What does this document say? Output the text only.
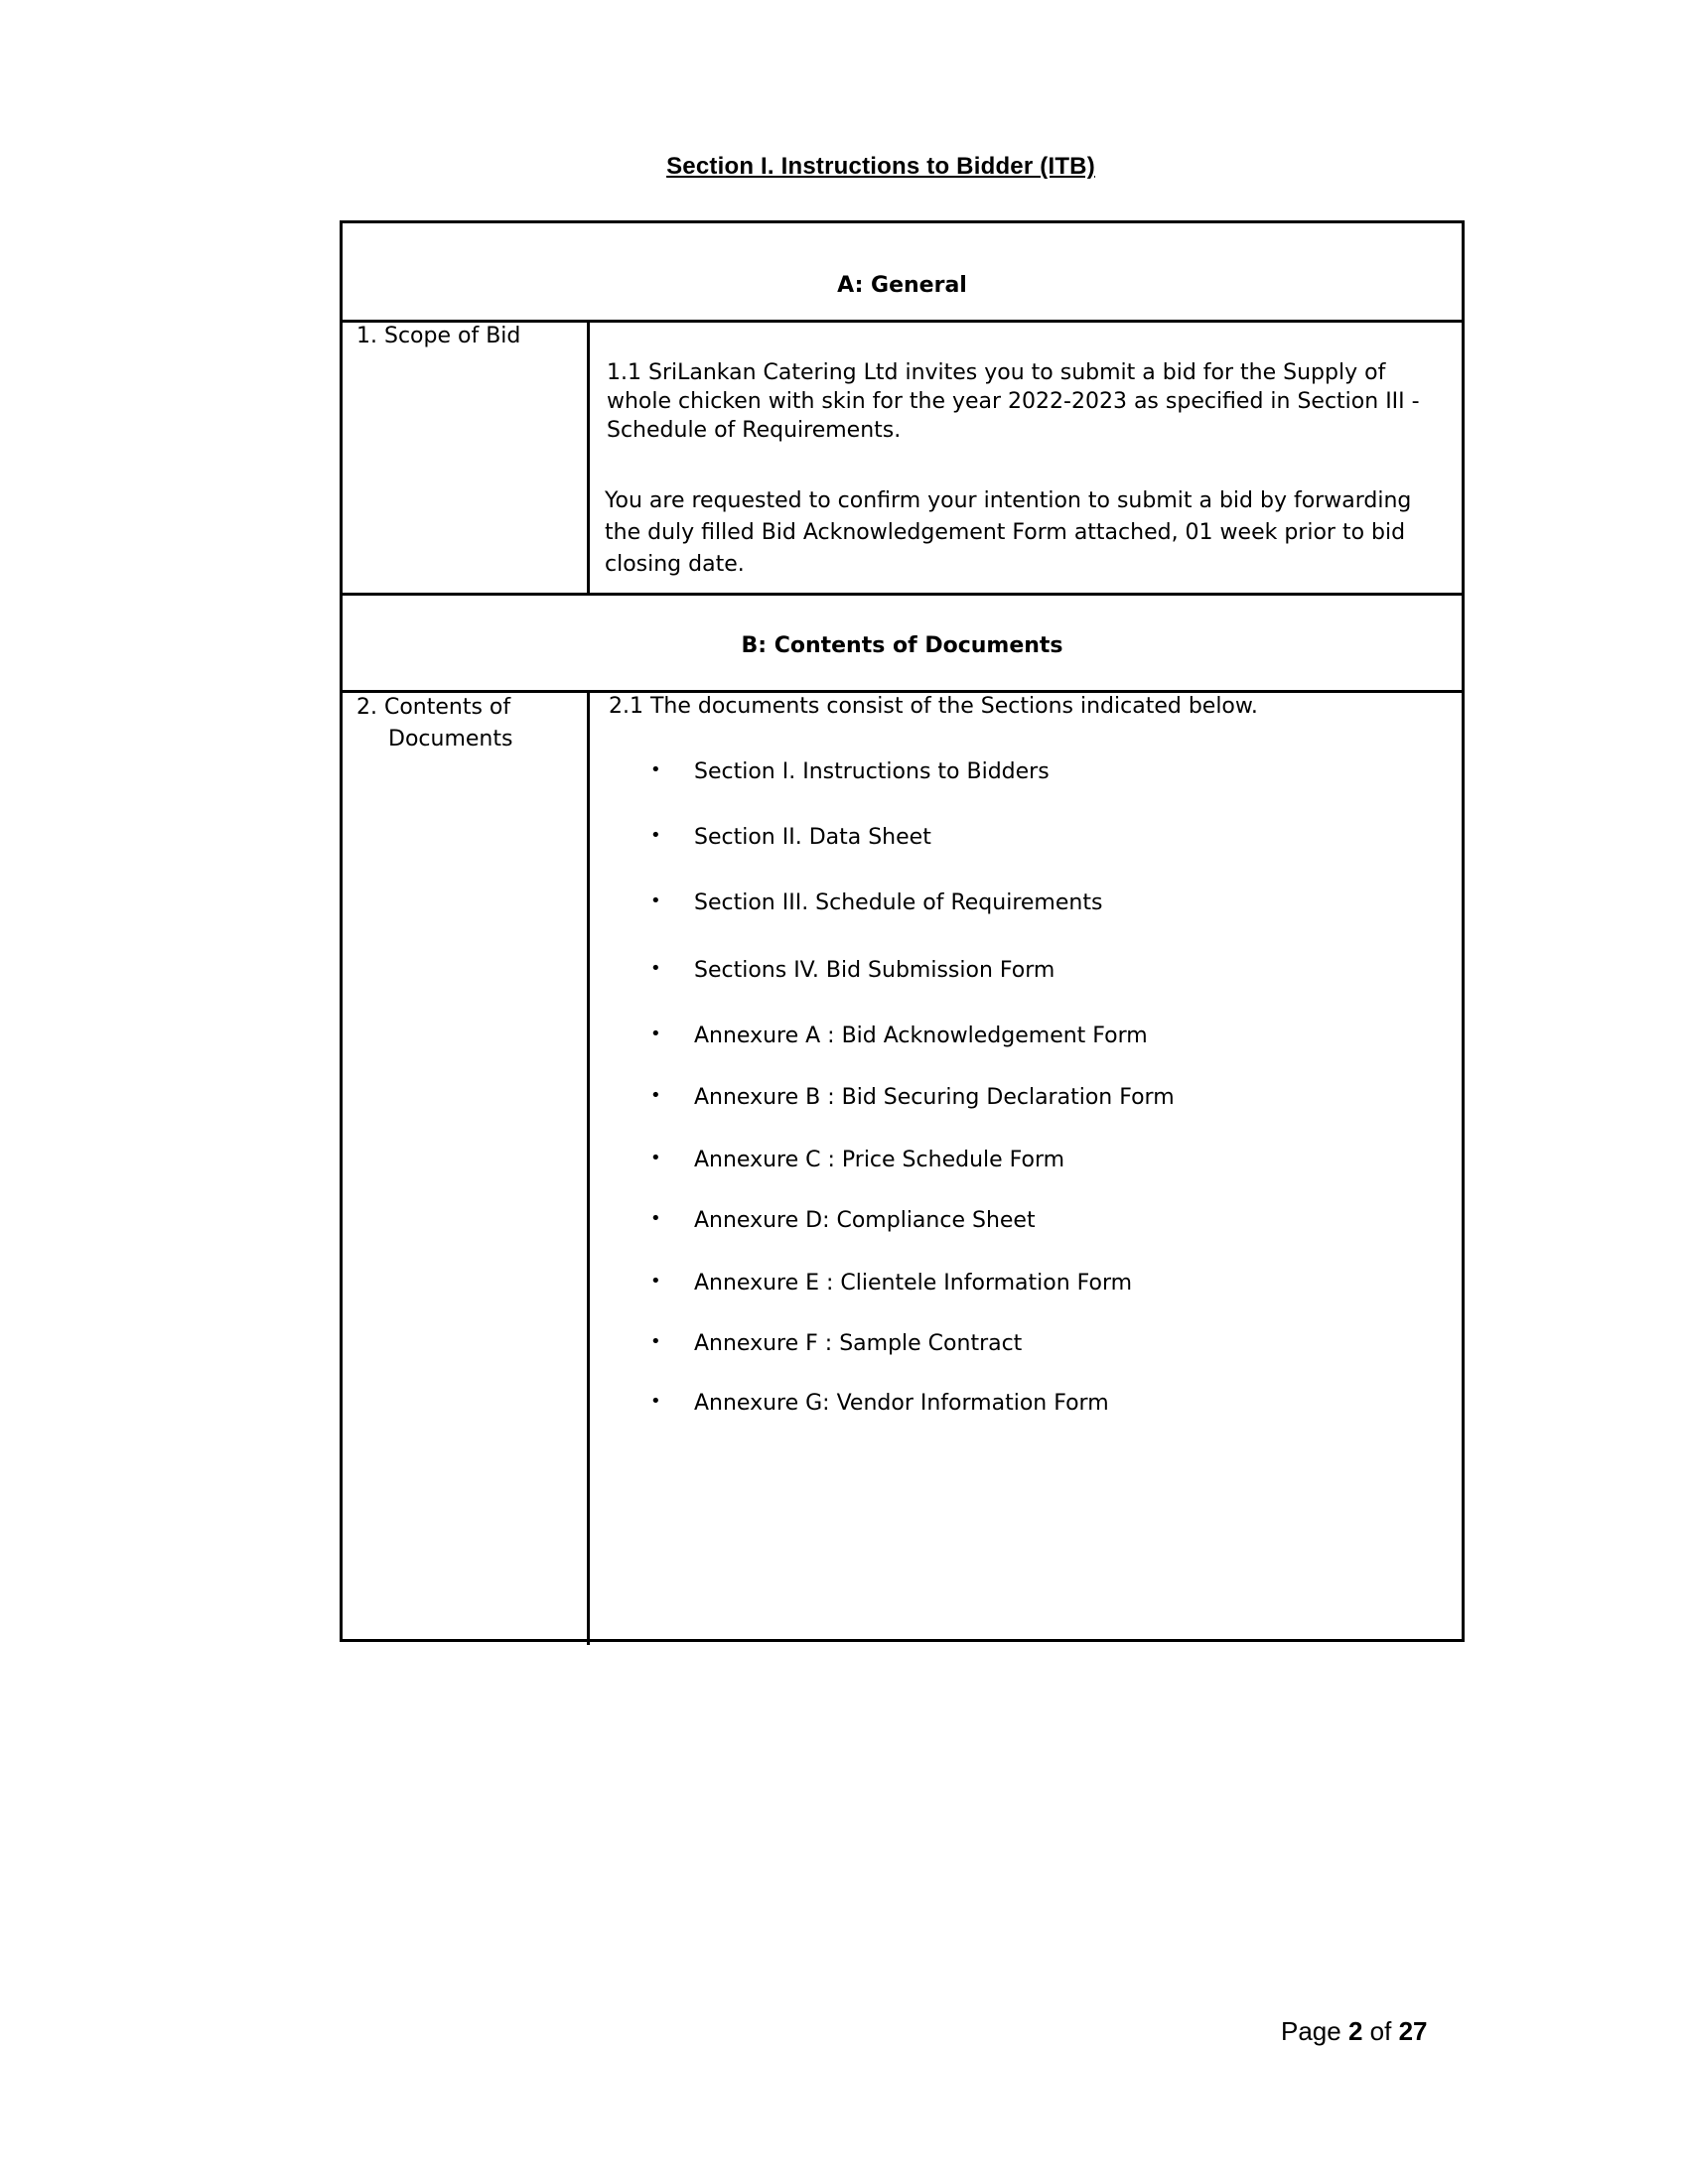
Section I. Instructions to Bidder (ITB)
A: General
1. Scope of Bid

1.1 SriLankan Catering Ltd invites you to submit a bid for the Supply of whole chicken with skin for the year 2022-2023 as specified in Section III - Schedule of Requirements.

You are requested to confirm your intention to submit a bid by forwarding the duly filled Bid Acknowledgement Form attached, 01 week prior to bid closing date.

B: Contents of Documents
2. Contents of
Documents
2.1 The documents consist of the Sections indicated below.
• Section I. Instructions to Bidders
• Section II. Data Sheet
• Section III. Schedule of Requirements
• Sections IV. Bid Submission Form
• Annexure A : Bid Acknowledgement Form
• Annexure B : Bid Securing Declaration Form
• Annexure C : Price Schedule Form
• Annexure D: Compliance Sheet
• Annexure E : Clientele Information Form
• Annexure F : Sample Contract
• Annexure G: Vendor Information Form
Page 2 of 27
